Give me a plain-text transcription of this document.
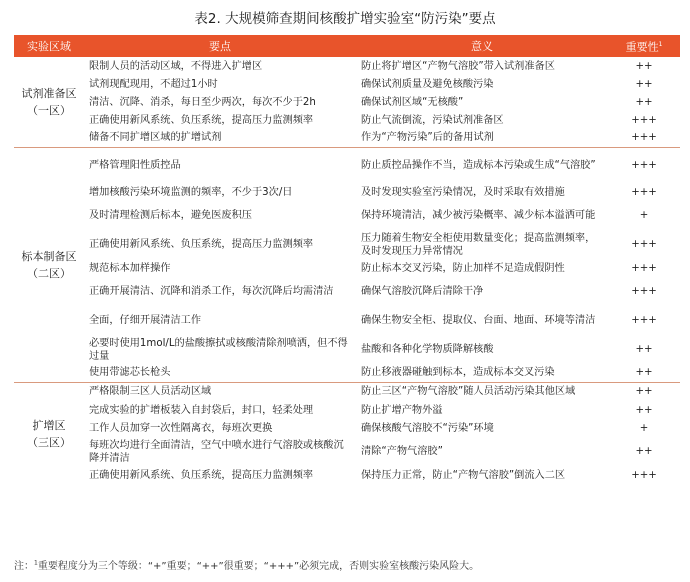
表2. 大规模筛查期间核酸扩增实验室“防污染”要点
实验区域	要点	意义	重要性$^1$

试剂准备区
（一区）	限制人员的活动区域，不得进入扩增区	防止将扩增区“产物气溶胶”带入试剂准备区	++
	试剂现配现用，不超过1小时	确保试剂质量及避免核酸污染	++
	清洁、沉降、消杀，每日至少两次，每次不少于2h	确保试剂区域“无核酸”	++
	正确使用新风系统、负压系统，提高压力监测频率	防止气流倒流，污染试剂准备区	+++
	储备不同扩增区域的扩增试剂	作为“产物污染”后的备用试剂	+++

标本制备区
（二区）	严格管理阳性质控品	防止质控品操作不当，造成标本污染或生成“气溶胶”	+++
	增加核酸污染环境监测的频率，不少于3次/日	及时发现实验室污染情况，及时采取有效措施	+++
	及时清理检测后标本，避免医废积压	保持环境清洁，减少被污染概率、减少标本溢洒可能	+
	正确使用新风系统、负压系统，提高压力监测频率	压力随着生物安全柜使用数量变化；提高监测频率，及时发现压力异常情况	+++
	规范标本加样操作	防止标本交叉污染，防止加样不足造成假阴性	+++
	正确开展清洁、沉降和消杀工作，每次沉降后均需清洁	确保气溶胶沉降后清除干净	+++
	全面，仔细开展清洁工作	确保生物安全柜、提取仪、台面、地面、环境等清洁	+++
	必要时使用1mol/L的盐酸擦拭或核酸清除剂喷洒，但不得过量	盐酸和各种化学物质降解核酸	++
	使用带滤芯长枪头	防止移液器碰触到标本，造成标本交叉污染	++

扩增区
（三区）	严格限制三区人员活动区域	防止三区“产物气溶胶”随人员活动污染其他区域	++
	完成实验的扩增板装入自封袋后，封口，轻柔处理	防止扩增产物外溢	++
	工作人员加穿一次性隔离衣，每班次更换	确保核酸气溶胶不“污染”环境	+
	每班次均进行全面清洁，空气中喷水进行气溶胶或核酸沉降并清洁	清除“产物气溶胶”	++
	正确使用新风系统、负压系统，提高压力监测频率	保持压力正常，防止“产物气溶胶”倒流入二区	+++
注：$^1$重要程度分为三个等级：“+”重要；“++”很重要；“+++”必须完成，否则实验室核酸污染风险大。
